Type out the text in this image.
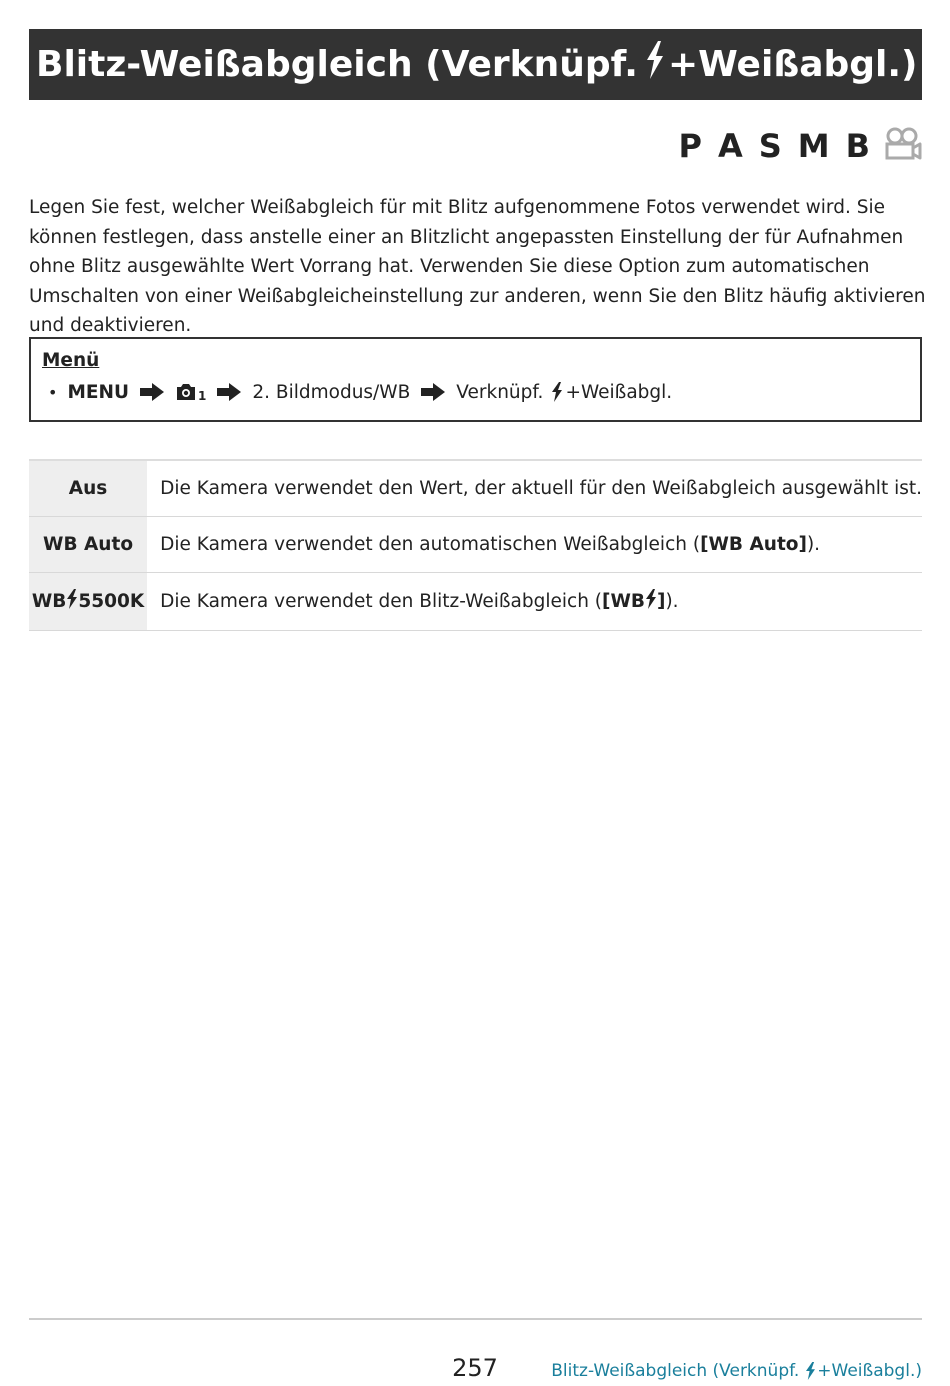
Blitz-Weißabgleich (Verknüpf. +Weißabgl.)
P A S M B

Legen Sie fest, welcher Weißabgleich für mit Blitz aufgenommene Fotos verwendet wird. Sie können festlegen, dass anstelle einer an Blitzlicht angepassten Einstellung der für Aufnahmen ohne Blitz ausgewählte Wert Vorrang hat. Verwenden Sie diese Option zum automatischen Umschalten von einer Weißabgleicheinstellung zur anderen, wenn Sie den Blitz häufig aktivieren und deaktivieren.

Menü
• MENU	$_1$ 2. Bildmodus/WB Verknüpf. +Weißabgl.
Aus	Die Kamera verwendet den Wert, der aktuell für den Weißabgleich ausgewählt ist.
WB Auto	Die Kamera verwendet den automatischen Weißabgleich ([WB Auto]).
WB 5500K	Die Kamera verwendet den Blitz-Weißabgleich ([WB ]).
257	Blitz-Weißabgleich (Verknüpf. +Weißabgl.)
